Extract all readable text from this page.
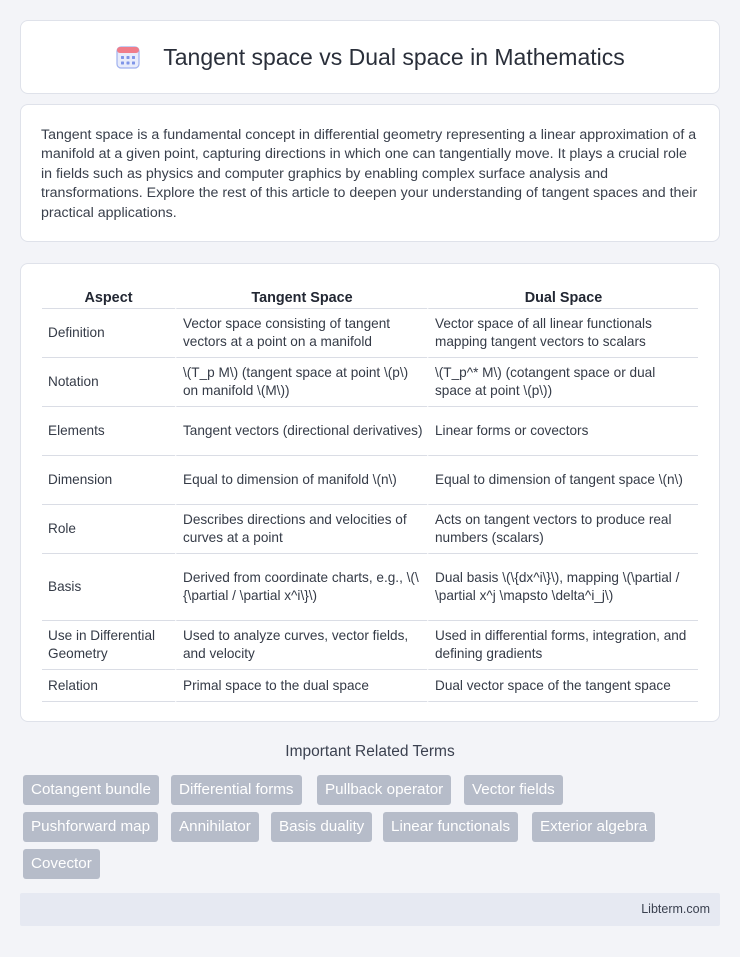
Tangent space vs Dual space in Mathematics

Tangent space is a fundamental concept in differential geometry representing a linear approximation of a manifold at a given point, capturing directions in which one can tangentially move. It plays a crucial role in fields such as physics and computer graphics by enabling complex surface analysis and transformations. Explore the rest of this article to deepen your understanding of tangent spaces and their practical applications.

Aspect	Tangent Space	Dual Space
Definition	Vector space consisting of tangent vectors at a point on a manifold	Vector space of all linear functionals mapping tangent vectors to scalars
Notation	\(T_p M\) (tangent space at point \(p\) on manifold \(M\))	\(T_p^* M\) (cotangent space or dual space at point \(p\))
Elements	Tangent vectors (directional derivatives)	Linear forms or covectors
Dimension	Equal to dimension of manifold \(n\)	Equal to dimension of tangent space \(n\)
Role	Describes directions and velocities of curves at a point	Acts on tangent vectors to produce real numbers (scalars)
Basis	Derived from coordinate charts, e.g., \(\{\partial / \partial x^i\}\)	Dual basis \(\{dx^i\}\), mapping \(\partial / \partial x^j \mapsto \delta^i_j\)
Use in Differential Geometry	Used to analyze curves, vector fields, and velocity	Used in differential forms, integration, and defining gradients
Relation	Primal space to the dual space	Dual vector space of the tangent space
Important Related Terms
Cotangent bundle	Differential forms	Pullback operator	Vector fields
Pushforward map	Annihilator	Basis duality	Linear functionals	Exterior algebra
Covector
Libterm.com
